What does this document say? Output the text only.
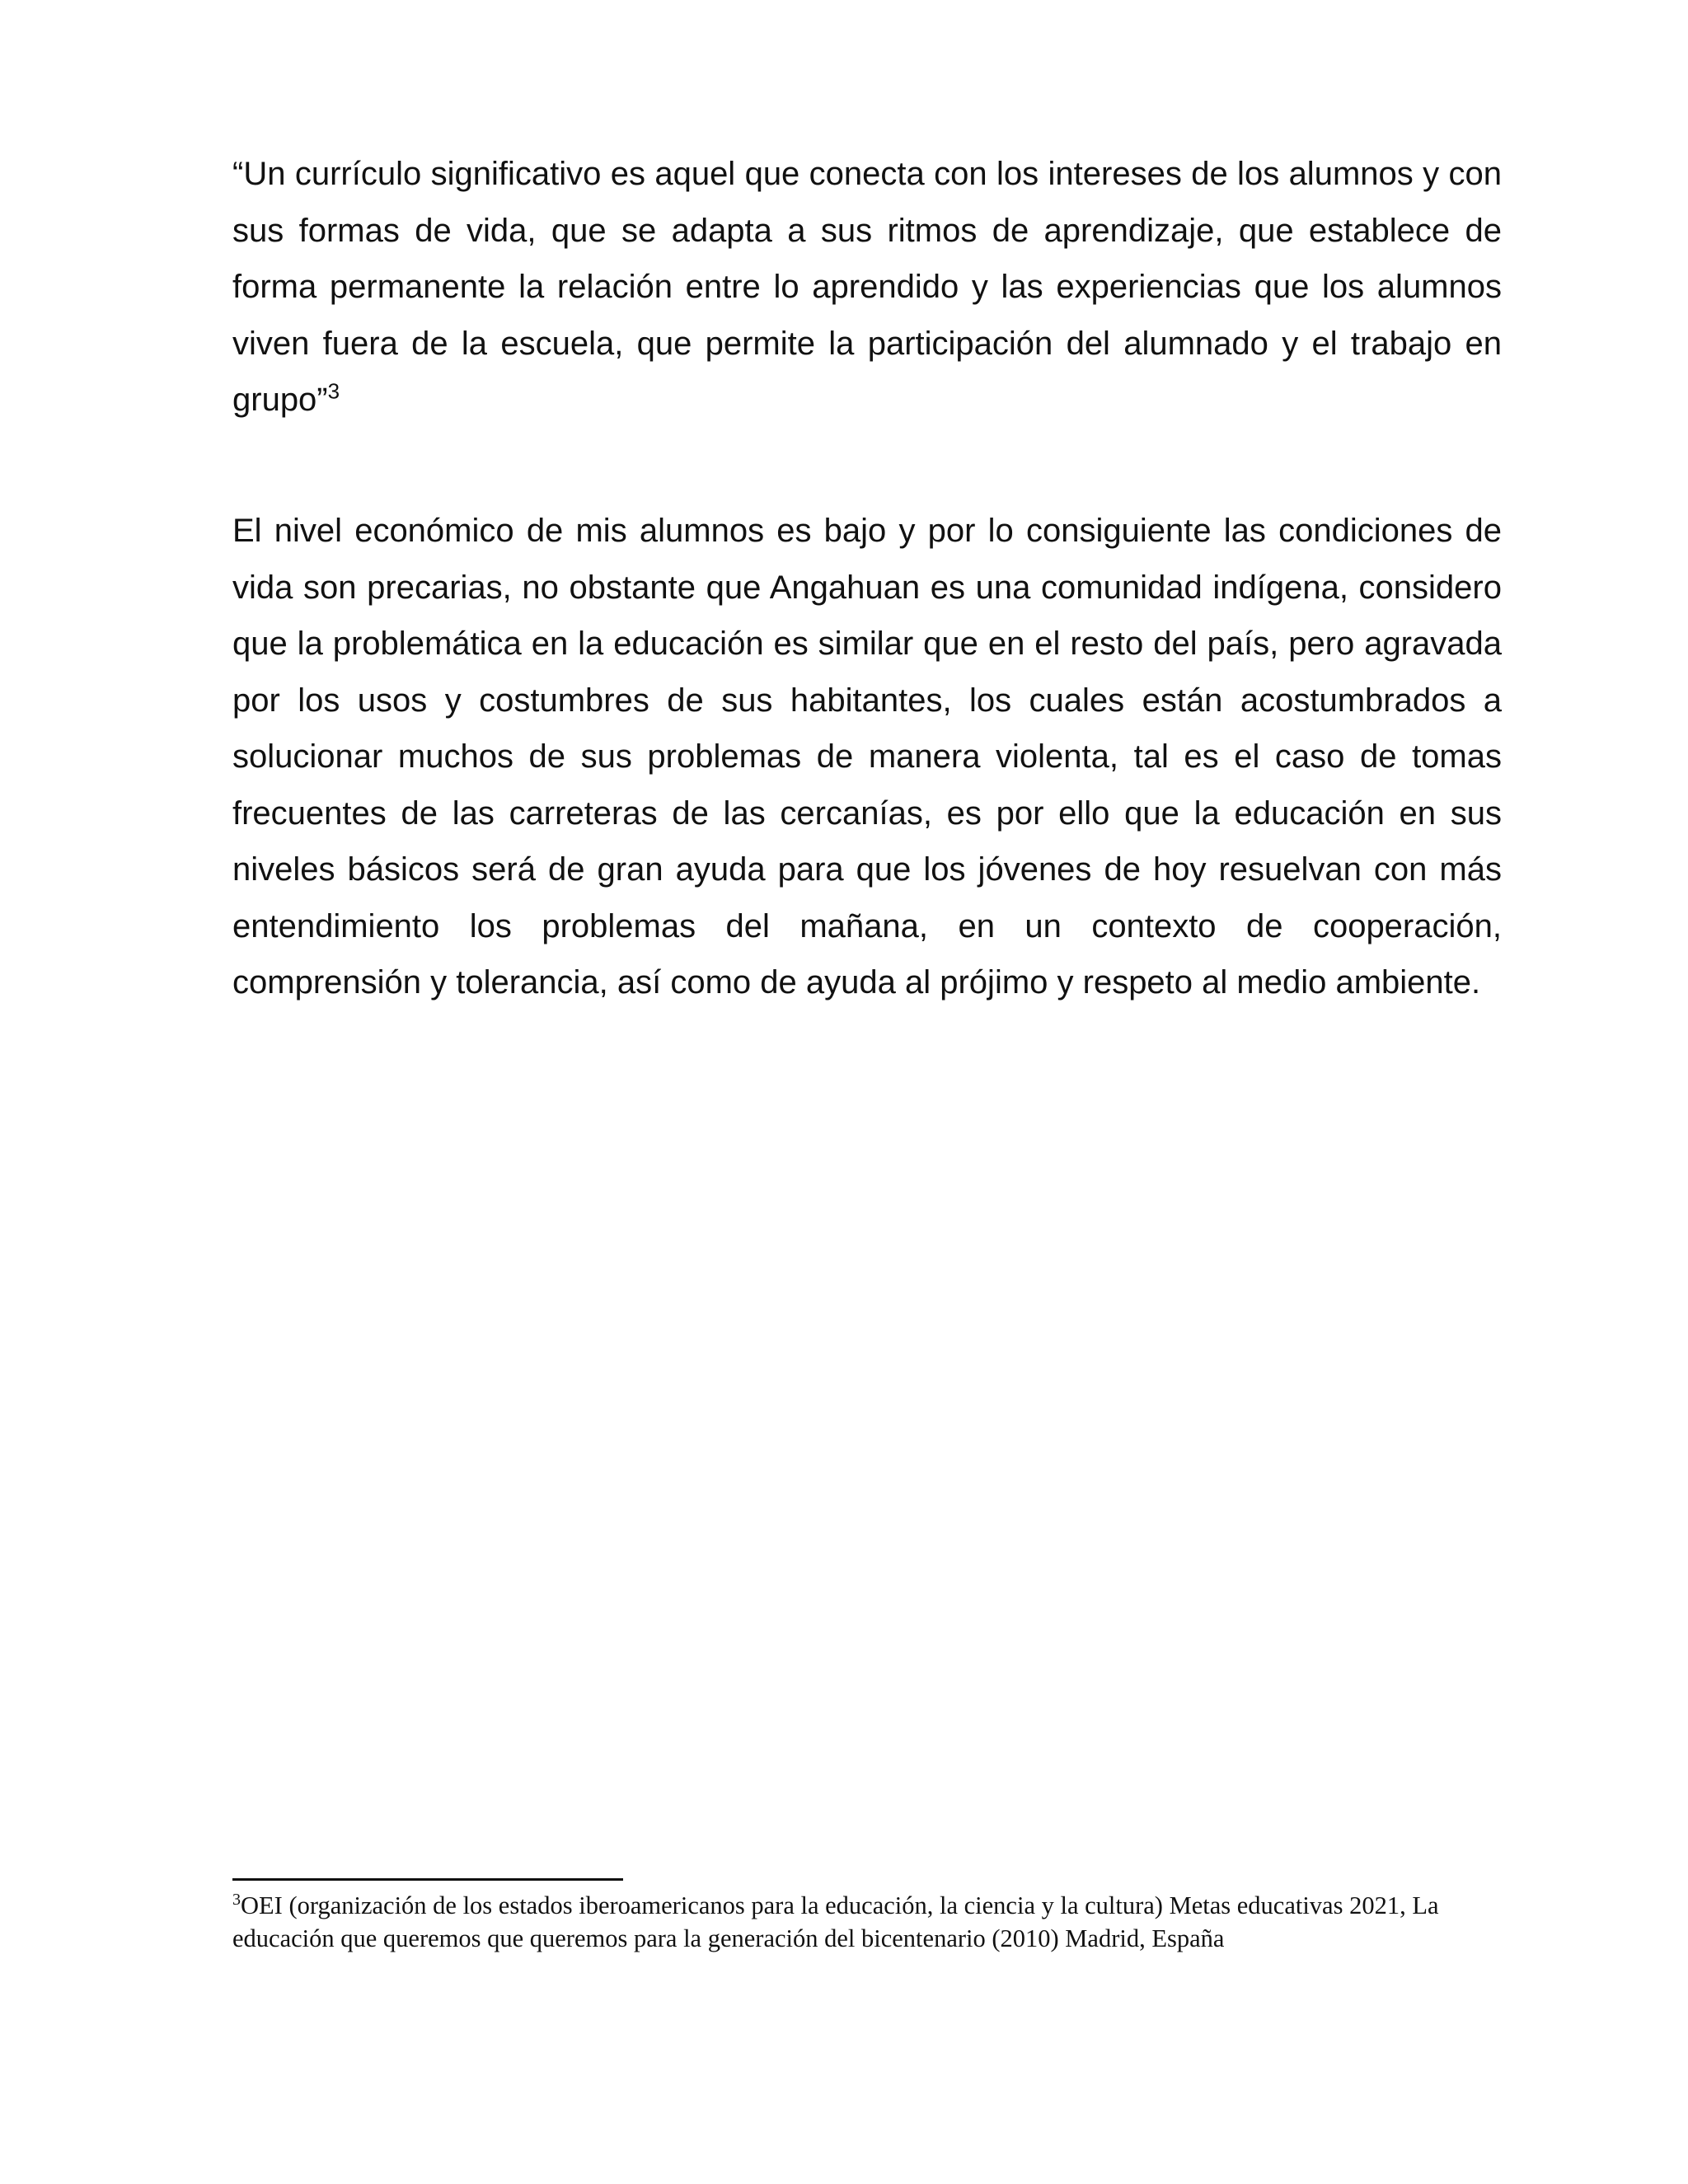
“Un currículo significativo es aquel que conecta con los intereses de los alumnos y con sus formas de vida, que se adapta a sus ritmos de aprendizaje, que establece de forma permanente la relación entre lo aprendido y las experiencias que los alumnos viven fuera de la escuela, que permite la participación del alumnado y el trabajo en grupo”$^3$

El nivel económico de mis alumnos es bajo y por lo consiguiente las condiciones de vida son precarias, no obstante que Angahuan es una comunidad indígena, considero que la problemática en la educación es similar que en el resto del país, pero agravada por los usos y costumbres de sus habitantes, los cuales están acostumbrados a solucionar muchos de sus problemas de manera violenta, tal es el caso de tomas frecuentes de las carreteras de las cercanías, es por ello que la educación en sus niveles básicos será de gran ayuda para que los jóvenes de hoy resuelvan con más entendimiento los problemas del mañana, en un contexto de cooperación, comprensión y tolerancia, así como de ayuda al prójimo y respeto al medio ambiente.

$^3$OEI (organización de los estados iberoamericanos para la educación, la ciencia y la cultura) Metas educativas 2021, La educación que queremos que queremos para la generación del bicentenario (2010) Madrid, España
